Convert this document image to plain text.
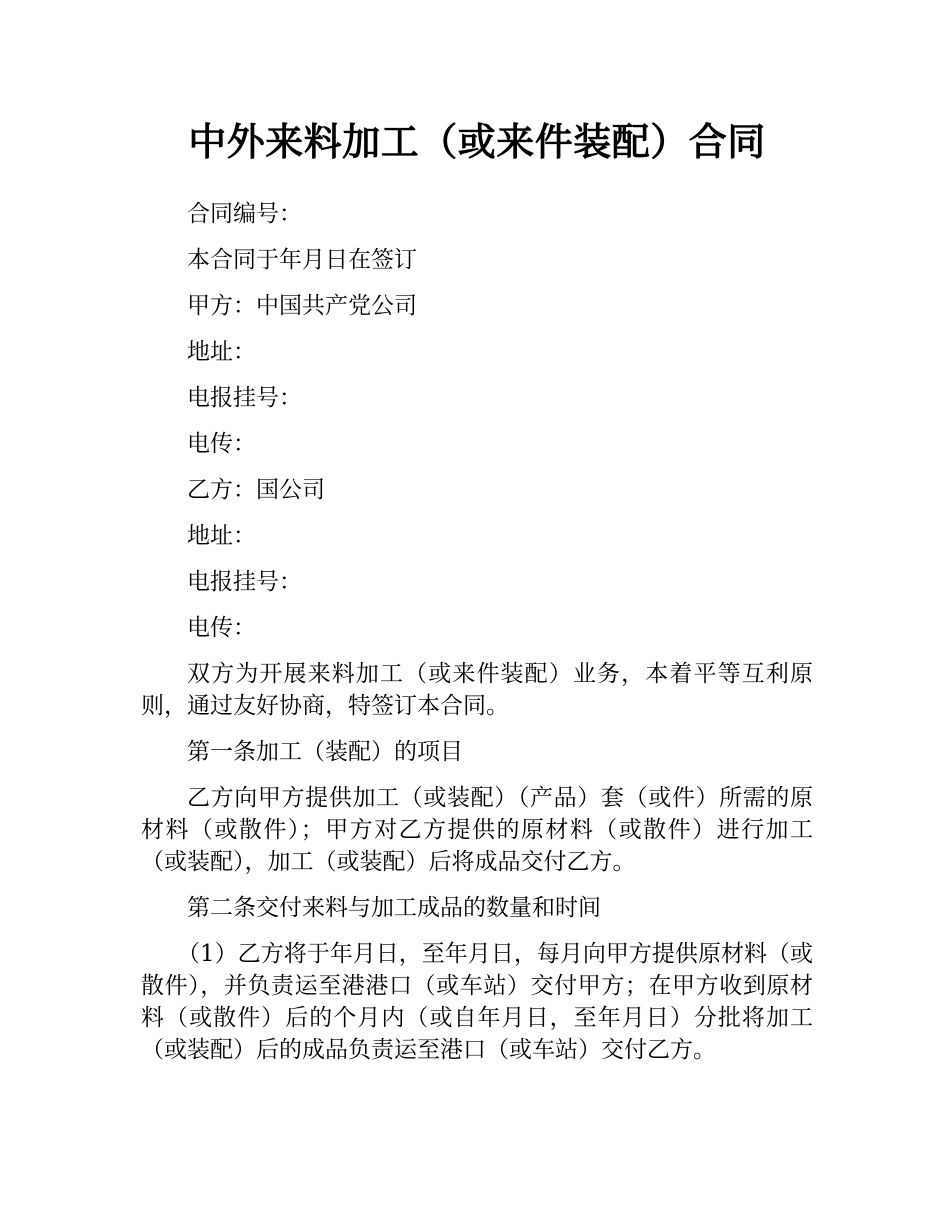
中外来料加工（或来件装配）合同

合同编号：

本合同于年月日在签订

甲方：中国共产党公司

地址：

电报挂号：

电传：

乙方：国公司

地址：

电报挂号：

电传：

双方为开展来料加工（或来件装配）业务，本着平等互利原则，通过友好协商，特签订本合同。

第一条加工（装配）的项目

乙方向甲方提供加工（或装配）（产品）套（或件）所需的原材料（或散件）；甲方对乙方提供的原材料（或散件）进行加工（或装配），加工（或装配）后将成品交付乙方。

第二条交付来料与加工成品的数量和时间

（1）乙方将于年月日，至年月日，每月向甲方提供原材料（或散件），并负责运至港港口（或车站）交付甲方；在甲方收到原材料（或散件）后的个月内（或自年月日，至年月日）分批将加工（或装配）后的成品负责运至港口（或车站）交付乙方。
